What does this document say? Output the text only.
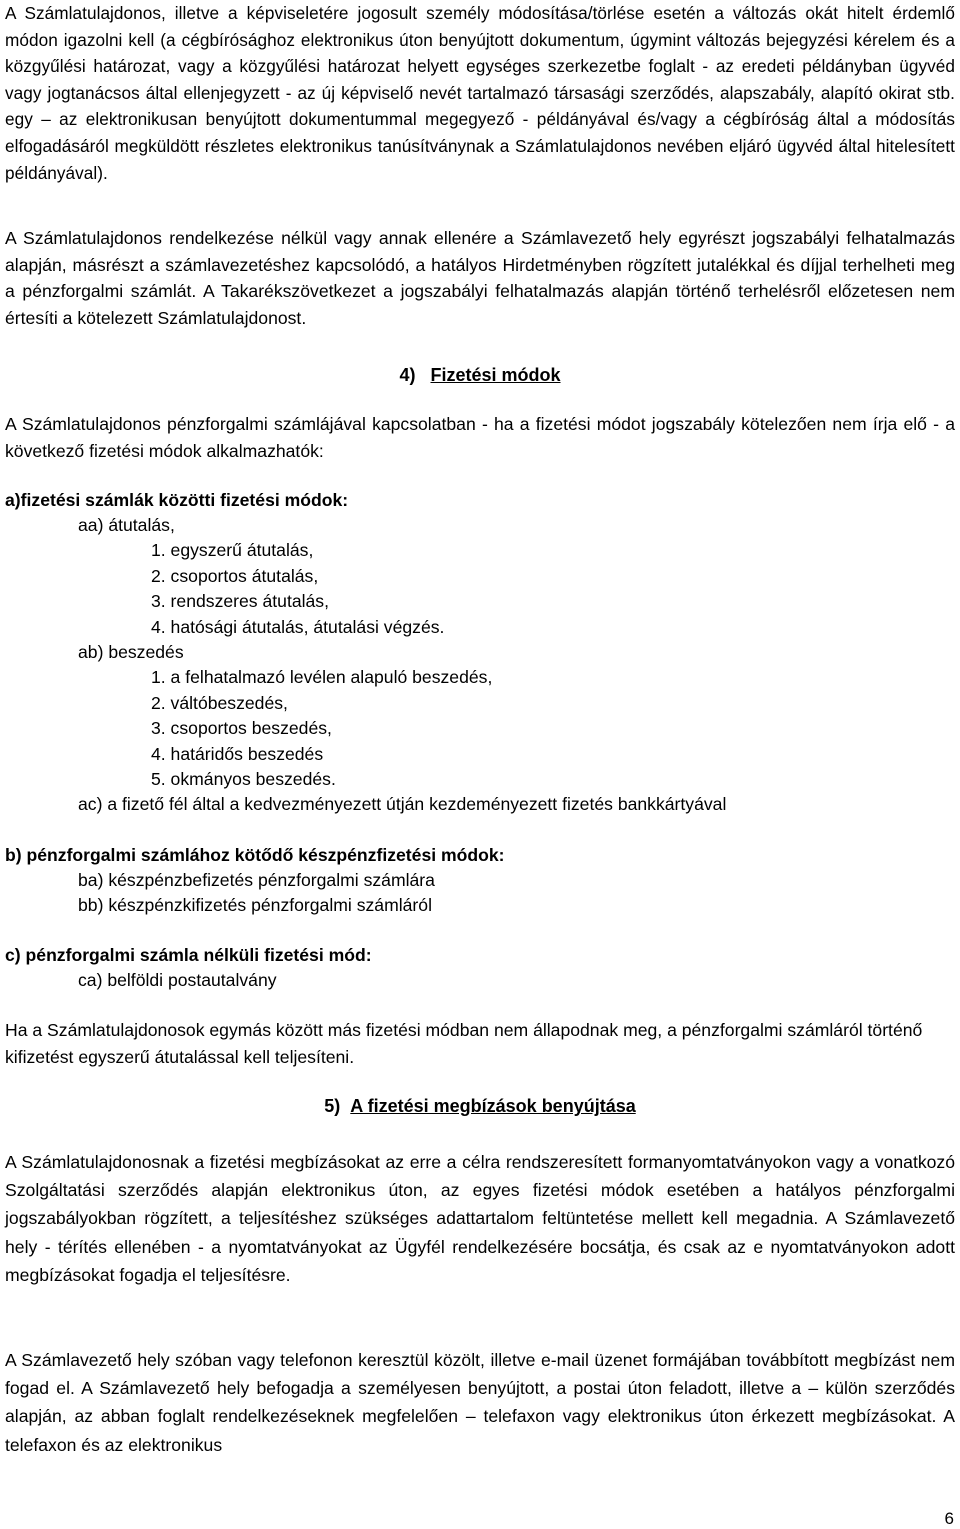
A Számlatulajdonos, illetve a képviseletére jogosult személy módosítása/törlése esetén a változás okát hitelt érdemlő módon igazolni kell (a cégbírósághoz elektronikus úton benyújtott dokumentum, úgymint változás bejegyzési kérelem és a közgyűlési határozat, vagy a közgyűlési határozat helyett egységes szerkezetbe foglalt - az eredeti példányban ügyvéd vagy jogtanácsos által ellenjegyzett - az új képviselő nevét tartalmazó társasági szerződés, alapszabály, alapító okirat stb. egy – az elektronikusan benyújtott dokumentummal megegyező - példányával és/vagy a cégbíróság által a módosítás elfogadásáról megküldött részletes elektronikus tanúsítványnak a Számlatulajdonos nevében eljáró ügyvéd által hitelesített példányával).

A Számlatulajdonos rendelkezése nélkül vagy annak ellenére a Számlavezető hely egyrészt jogszabályi felhatalmazás alapján, másrészt a számlavezetéshez kapcsolódó, a hatályos Hirdetményben rögzített jutalékkal és díjjal terhelheti meg a pénzforgalmi számlát. A Takarékszövetkezet a jogszabályi felhatalmazás alapján történő terhelésről előzetesen nem értesíti a kötelezett Számlatulajdonost.

4) Fizetési módok

A Számlatulajdonos pénzforgalmi számlájával kapcsolatban - ha a fizetési módot jogszabály kötelezően nem írja elő - a következő fizetési módok alkalmazhatók:

a)fizetési számlák közötti fizetési módok:
aa) átutalás,
1. egyszerű átutalás,
2. csoportos átutalás,
3. rendszeres átutalás,
4. hatósági átutalás, átutalási végzés.
ab) beszedés
1. a felhatalmazó levélen alapuló beszedés,
2. váltóbeszedés,
3. csoportos beszedés,
4. határidős beszedés
5. okmányos beszedés.
ac) a fizető fél által a kedvezményezett útján kezdeményezett fizetés bankkártyával
b) pénzforgalmi számlához kötődő készpénzfizetési módok:
ba) készpénzbefizetés pénzforgalmi számlára
bb) készpénzkifizetés pénzforgalmi számláról
c) pénzforgalmi számla nélküli fizetési mód:
ca) belföldi postautalvány

Ha a Számlatulajdonosok egymás között más fizetési módban nem állapodnak meg, a pénzforgalmi számláról történő kifizetést egyszerű átutalással kell teljesíteni.

5) A fizetési megbízások benyújtása

A Számlatulajdonosnak a fizetési megbízásokat az erre a célra rendszeresített formanyomtatványokon vagy a vonatkozó Szolgáltatási szerződés alapján elektronikus úton, az egyes fizetési módok esetében a hatályos pénzforgalmi jogszabályokban rögzített, a teljesítéshez szükséges adattartalom feltüntetése mellett kell megadnia. A Számlavezető hely - térítés ellenében - a nyomtatványokat az Ügyfél rendelkezésére bocsátja, és csak az e nyomtatványokon adott megbízásokat fogadja el teljesítésre.

A Számlavezető hely szóban vagy telefonon keresztül közölt, illetve e-mail üzenet formájában továbbított megbízást nem fogad el. A Számlavezető hely befogadja a személyesen benyújtott, a postai úton feladott, illetve a – külön szerződés alapján, az abban foglalt rendelkezéseknek megfelelően – telefaxon vagy elektronikus úton érkezett megbízásokat. A telefaxon és az elektronikus

6
